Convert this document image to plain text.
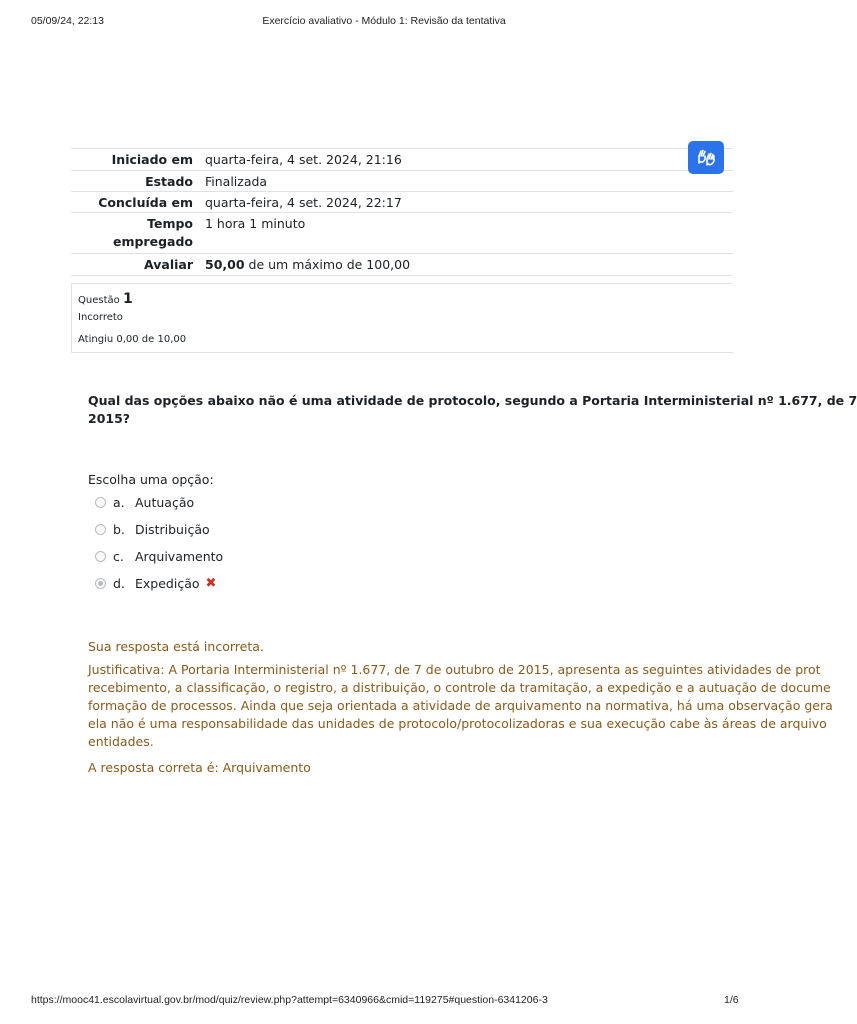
05/09/24, 22:13	Exercício avaliativo - Módulo 1: Revisão da tentativa
Iniciado em quarta-feira, 4 set. 2024, 21:16
Estado Finalizada
Concluída em quarta-feira, 4 set. 2024, 22:17
Tempo empregado
1 hora 1 minuto
Avaliar 50,00 de um máximo de 100,00
Questão 1
Incorreto
Atingiu 0,00 de 10,00
Qual das opções abaixo não é uma atividade de protocolo, segundo a Portaria Interministerial nº 1.677, de 7
2015?
Escolha uma opção:
a. Autuação
b. Distribuição
c. Arquivamento
d. Expedição ✖
Sua resposta está incorreta.
Justificativa: A Portaria Interministerial nº 1.677, de 7 de outubro de 2015, apresenta as seguintes atividades de prot
recebimento, a classificação, o registro, a distribuição, o controle da tramitação, a expedição e a autuação de docume
formação de processos. Ainda que seja orientada a atividade de arquivamento na normativa, há uma observação gera
ela não é uma responsabilidade das unidades de protocolo/protocolizadoras e sua execução cabe às áreas de arquivo
entidades.
A resposta correta é: Arquivamento
https://mooc41.escolavirtual.gov.br/mod/quiz/review.php?attempt=6340966&cmid=119275#question-6341206-3	1/6
